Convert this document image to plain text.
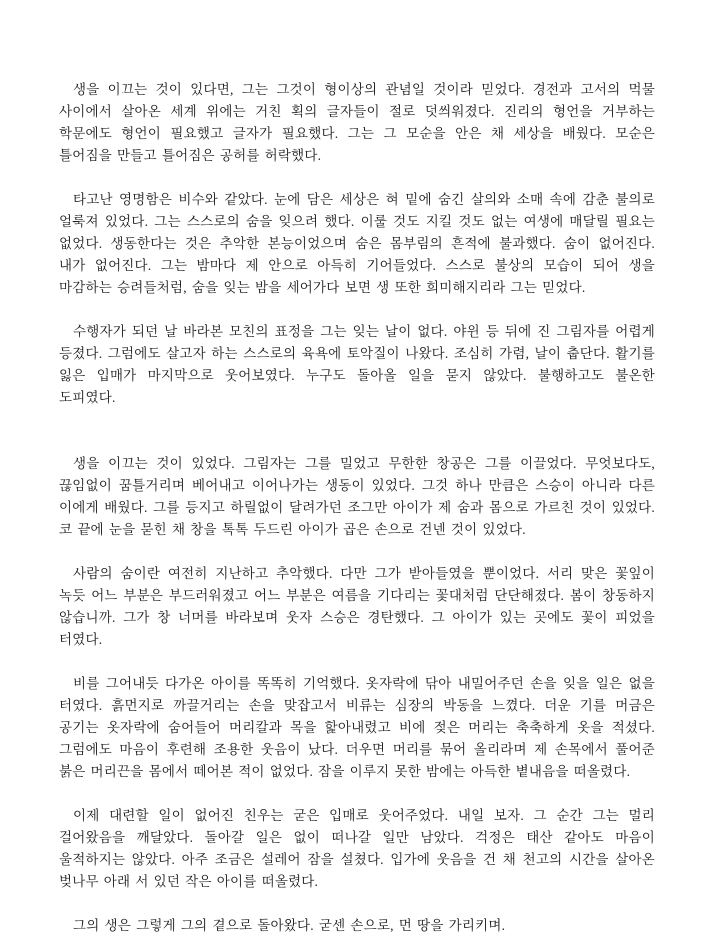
생을 이끄는 것이 있다면, 그는 그것이 형이상의 관념일 것이라 믿었다. 경전과 고서의 먹물 사이에서 살아온 세계 위에는 거친 획의 글자들이 절로 덧씌워졌다. 진리의 형언을 거부하는 학문에도 형언이 필요했고 글자가 필요했다. 그는 그 모순을 안은 채 세상을 배웠다. 모순은 틀어짐을 만들고 틀어짐은 공허를 허락했다.

타고난 영명함은 비수와 같았다. 눈에 담은 세상은 혀 밑에 숨긴 살의와 소매 속에 감춘 불의로 얼룩져 있었다. 그는 스스로의 숨을 잊으려 했다. 이룰 것도 지킬 것도 없는 여생에 매달릴 필요는 없었다. 생동한다는 것은 추악한 본능이었으며 숨은 몸부림의 흔적에 불과했다. 숨이 없어진다. 내가 없어진다. 그는 밤마다 제 안으로 아득히 기어들었다. 스스로 불상의 모습이 되어 생을 마감하는 승려들처럼, 숨을 잊는 밤을 세어가다 보면 생 또한 희미해지리라 그는 믿었다.

수행자가 되던 날 바라본 모친의 표정을 그는 잊는 날이 없다. 야윈 등 뒤에 진 그림자를 어렵게 등졌다. 그럼에도 살고자 하는 스스로의 육욕에 토악질이 나왔다. 조심히 가렴, 날이 춥단다. 활기를 잃은 입매가 마지막으로 웃어보였다. 누구도 돌아올 일을 묻지 않았다. 불행하고도 불온한 도피였다.

생을 이끄는 것이 있었다. 그림자는 그를 밀었고 무한한 창공은 그를 이끌었다. 무엇보다도, 끊임없이 꿈틀거리며 베어내고 이어나가는 생동이 있었다. 그것 하나 만큼은 스승이 아니라 다른 이에게 배웠다. 그를 등지고 하릴없이 달려가던 조그만 아이가 제 숨과 몸으로 가르친 것이 있었다. 코 끝에 눈을 묻힌 채 창을 톡톡 두드린 아이가 곱은 손으로 건넨 것이 있었다.

사람의 숨이란 여전히 지난하고 추악했다. 다만 그가 받아들였을 뿐이었다. 서리 맞은 꽃잎이 녹듯 어느 부분은 부드러워졌고 어느 부분은 여름을 기다리는 꽃대처럼 단단해졌다. 봄이 창동하지 않습니까. 그가 창 너머를 바라보며 웃자 스승은 경탄했다. 그 아이가 있는 곳에도 꽃이 피었을 터였다.

비를 그어내듯 다가온 아이를 똑똑히 기억했다. 옷자락에 닦아 내밀어주던 손을 잊을 일은 없을 터였다. 흙먼지로 까끌거리는 손을 맞잡고서 비류는 심장의 박동을 느꼈다. 더운 기를 머금은 공기는 옷자락에 숨어들어 머리칼과 목을 핥아내렸고 비에 젖은 머리는 축축하게 옷을 적셨다. 그럼에도 마음이 후련해 조용한 웃음이 났다. 더우면 머리를 묶어 올리라며 제 손목에서 풀어준 붉은 머리끈을 몸에서 떼어본 적이 없었다. 잠을 이루지 못한 밤에는 아득한 볕내음을 떠올렸다.

이제 대련할 일이 없어진 친우는 굳은 입매로 웃어주었다. 내일 보자. 그 순간 그는 멀리 걸어왔음을 깨달았다. 돌아갈 일은 없이 떠나갈 일만 남았다. 걱정은 태산 같아도 마음이 울적하지는 않았다. 아주 조금은 설레어 잠을 설쳤다. 입가에 웃음을 건 채 천고의 시간을 살아온 벚나무 아래 서 있던 작은 아이를 떠올렸다.

그의 생은 그렇게 그의 곁으로 돌아왔다. 굳센 손으로, 먼 땅을 가리키며.
